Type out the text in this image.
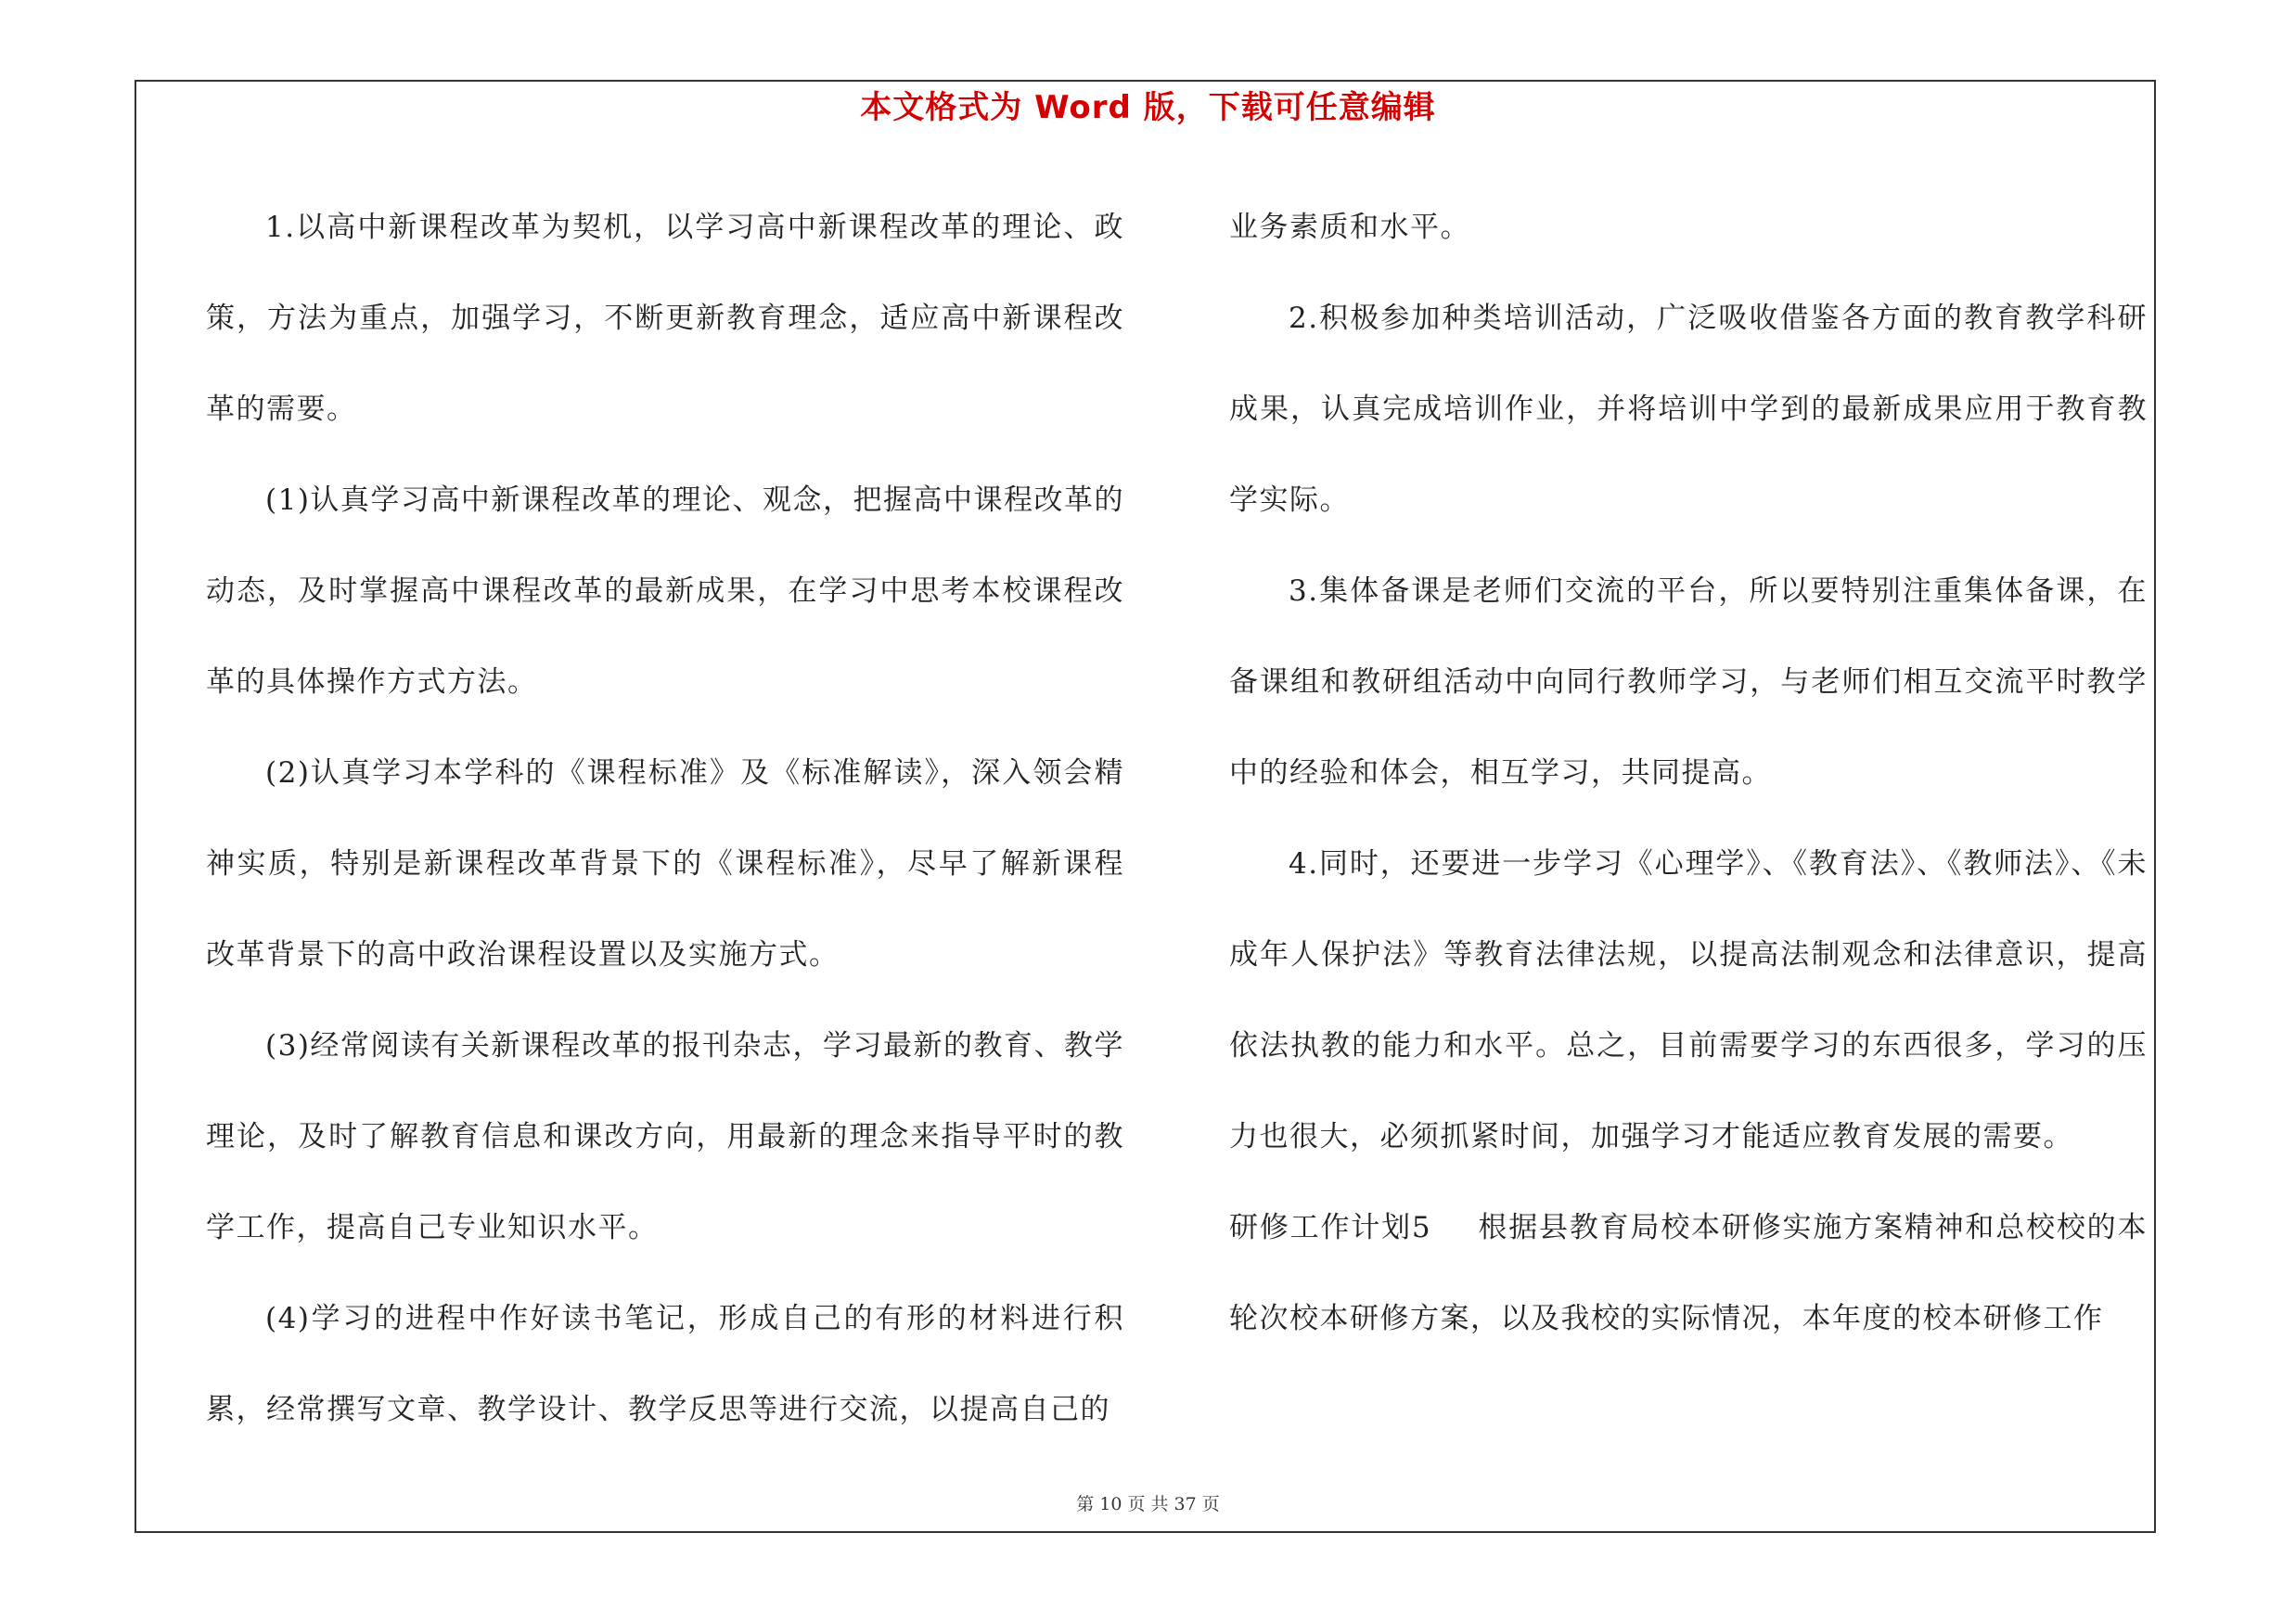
本文格式为 Word 版，下载可任意编辑

1.以高中新课程改革为契机，以学习高中新课程改革的理论、政策，方法为重点，加强学习，不断更新教育理念，适应高中新课程改革的需要。

(1)认真学习高中新课程改革的理论、观念，把握高中课程改革的动态，及时掌握高中课程改革的最新成果，在学习中思考本校课程改革的具体操作方式方法。

(2)认真学习本学科的《课程标准》及《标准解读》，深入领会精神实质，特别是新课程改革背景下的《课程标准》，尽早了解新课程改革背景下的高中政治课程设置以及实施方式。

(3)经常阅读有关新课程改革的报刊杂志，学习最新的教育、教学理论，及时了解教育信息和课改方向，用最新的理念来指导平时的教学工作，提高自己专业知识水平。

(4)学习的进程中作好读书笔记，形成自己的有形的材料进行积累，经常撰写文章、教学设计、教学反思等进行交流，以提高自己的

业务素质和水平。

2.积极参加种类培训活动，广泛吸收借鉴各方面的教育教学科研成果，认真完成培训作业，并将培训中学到的最新成果应用于教育教学实际。

3.集体备课是老师们交流的平台，所以要特别注重集体备课，在备课组和教研组活动中向同行教师学习，与老师们相互交流平时教学中的经验和体会，相互学习，共同提高。

4.同时，还要进一步学习《心理学》、《教育法》、《教师法》、《未成年人保护法》等教育法律法规，以提高法制观念和法律意识，提高依法执教的能力和水平。总之，目前需要学习的东西很多，学习的压力也很大，必须抓紧时间，加强学习才能适应教育发展的需要。

研修工作计划5 根据县教育局校本研修实施方案精神和总校校的本轮次校本研修方案，以及我校的实际情况，本年度的校本研修工作

第 10 页 共 37 页
